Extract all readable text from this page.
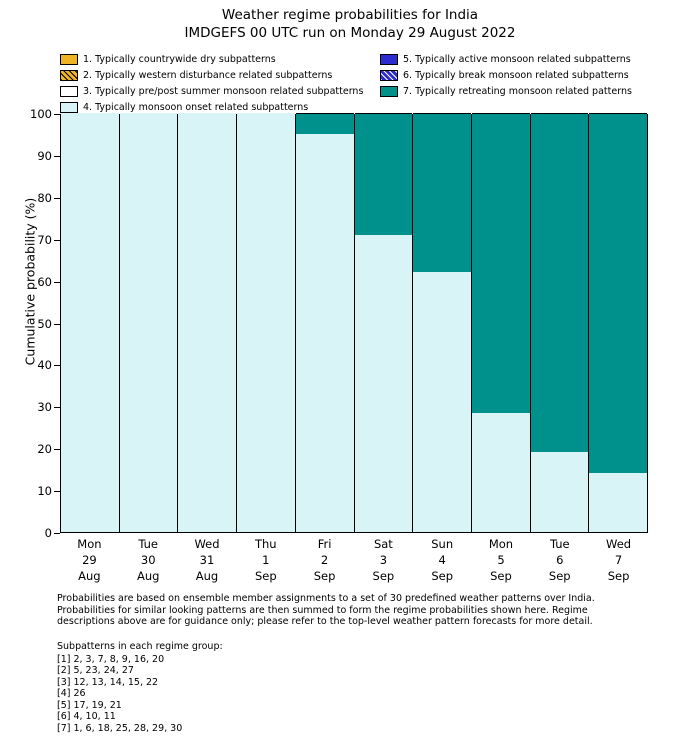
Weather regime probabilities for India
IMDGEFS 00 UTC run on Monday 29 August 2022
1. Typically countrywide dry subpatterns
2. Typically western disturbance related subpatterns
3. Typically pre/post summer monsoon related subpatterns
4. Typically monsoon onset related subpatterns
5. Typically active monsoon related subpatterns
6. Typically break monsoon related subpatterns
7. Typically retreating monsoon related patterns
Cumulative probability (%)
0
10
20
30
40
50
60
70
80
90
100
Mon
29
Aug
Tue
30
Aug
Wed
31
Aug
Thu
1
Sep
Fri
2
Sep
Sat
3
Sep
Sun
4
Sep
Mon
5
Sep
Tue
6
Sep
Wed
7
Sep
Probabilities are based on ensemble member assignments to a set of 30 predefined weather patterns over India.
Probabilities for similar looking patterns are then summed to form the regime probabilities shown here. Regime
descriptions above are for guidance only; please refer to the top-level weather pattern forecasts for more detail.
Subpatterns in each regime group:
[1] 2, 3, 7, 8, 9, 16, 20
[2] 5, 23, 24, 27
[3] 12, 13, 14, 15, 22
[4] 26
[5] 17, 19, 21
[6] 4, 10, 11
[7] 1, 6, 18, 25, 28, 29, 30
